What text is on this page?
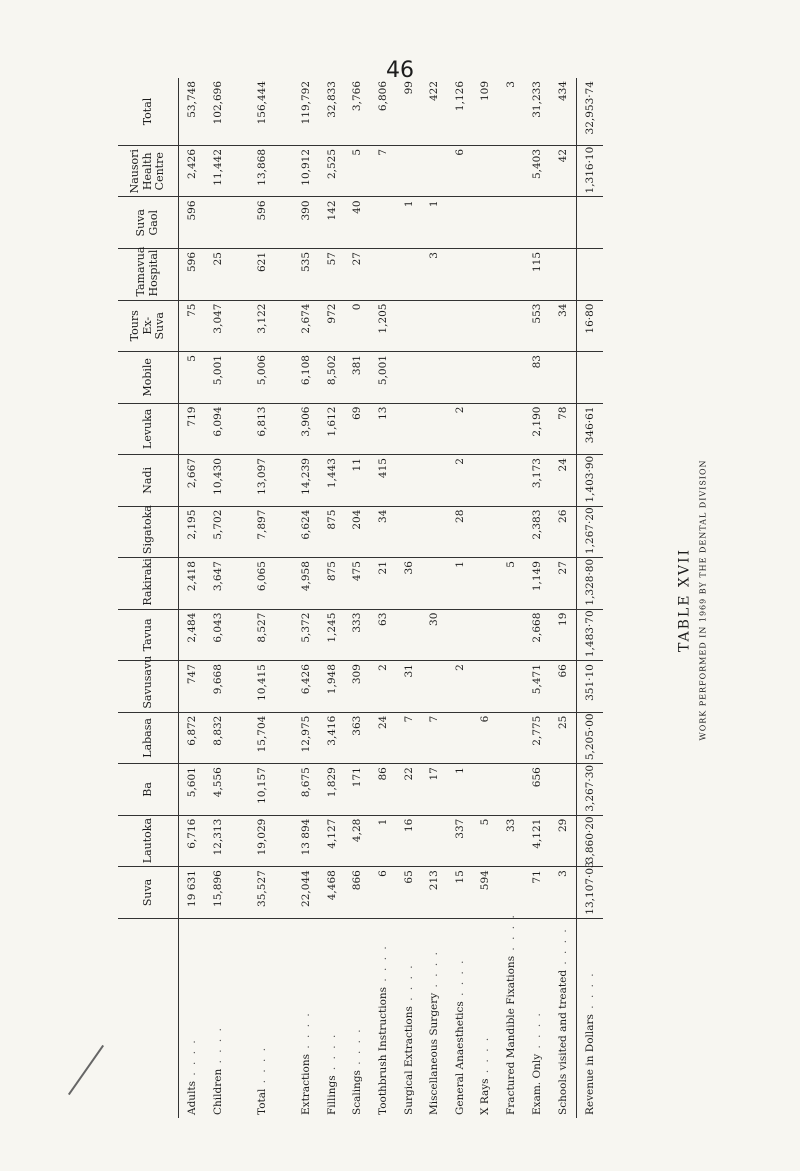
46
TABLE XVII WORK PERFORMED IN 1969 BY THE DENTAL DIVISION
	Suva	Lautoka	Ba	Labasa	Savusavu	Tavua	Rakiraki	Sigatoka	Nadi	Levuka	Mobile	Tours Ex-Suva	Tamavua Hospital	Suva Gaol	Nausori Health Centre	Total
Adults . . . .	19 631	6,716	5,601	6,872	747	2,484	2,418	2,195	2,667	719	5	75	596	596	2,426	53,748
Children . . . .	15,896	12,313	4,556	8,832	9,668	6,043	3,647	5,702	10,430	6,094	5,001	3,047	25		11,442	102,696

Total . . . .	35,527	19,029	10,157	15,704	10,415	8,527	6,065	7,897	13,097	6,813	5,006	3,122	621	596	13,868	156,444

Extractions . . . .	22,044	13 894	8,675	12,975	6,426	5,372	4,958	6,624	14,239	3,906	6,108	2,674	535	390	10,912	119,792
Fillings . . . .	4,468	4,127	1,829	3,416	1,948	1,245	875	875	1,443	1,612	8,502	972	57	142	2,525	32,833
Scalings . . . .	866	4,28	171	363	309	333	475	204	11	69	381	0	27	40	5	3,766
Toothbrush Instructions . . . .	6	1	86	24	2	63	21	34	415	13	5,001	1,205			7	6,806
Surgical Extractions . . . .	65	16	22	7	31		36							1		99
Miscellaneous Surgery . . . .	213		17	7		30							3	1		422
General Anaesthetics . . . .	15	337	1		2		1	28	2	2					6	1,126
X Rays . . . .	594	5		6												109
Fractured Mandible Fixations . . . .		33					5									3
Exam. Only . . . .	71	4,121	656	2,775	5,471	2,668	1,149	2,383	3,173	2,190	83	553	115		5,403	31,233
Schools visited and treated . . . .	3	29		25	66	19	27	26	24	78		34			42	434
Revenue in Dollars . . . .	13,107·03	3,860·20	3,267·30	5,205·00	351·10	1,483·70	1,328·80	1,267·20	1,403·90	346·61		16·80			1,316·10	32,953·74
